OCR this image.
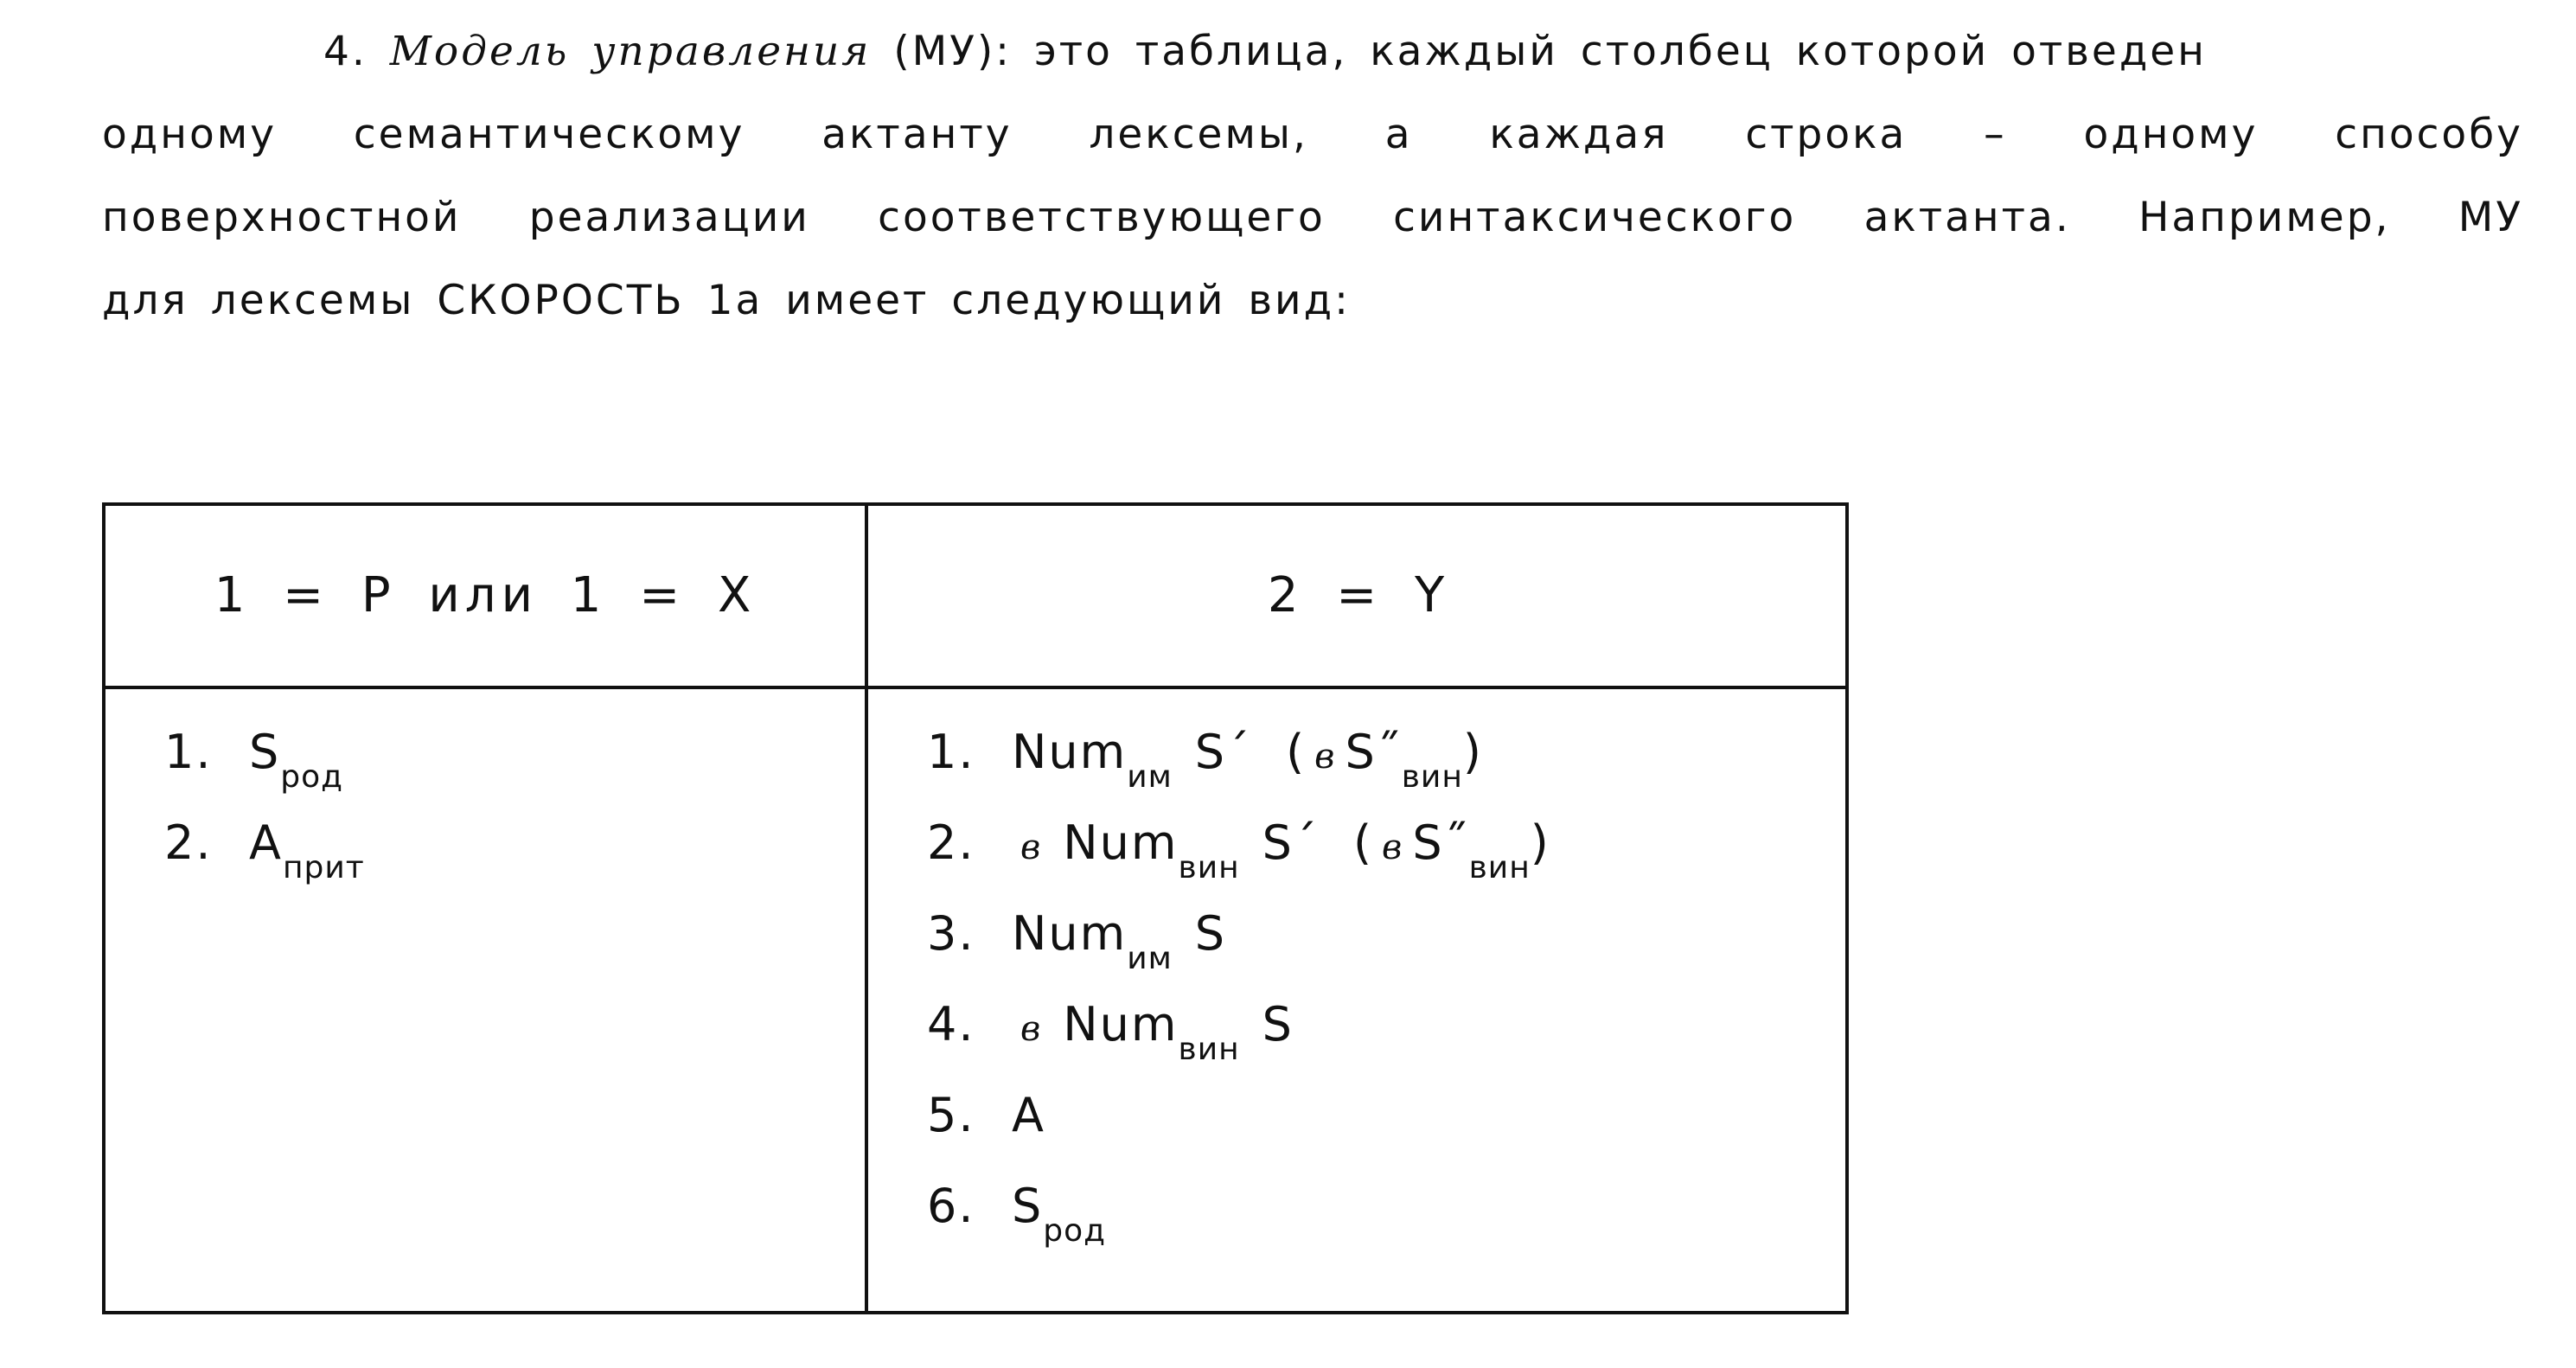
4. Модель управления (МУ): это таблица, каждый столбец которой отведен
одному семантическому актанту лексемы, а каждая строка – одному способу
поверхностной реализации соответствующего синтаксического актанта. Например, МУ
для лексемы СКОРОСТЬ 1а имеет следующий вид:
1 = P или 1 = X	2 = Y
1. $S_{род}$
2. $A_{прит}$
1. Num$_{им}$ S´ ( в $S˝_{вин}$)
2. в Num$_{вин}$ S´ ( в $S˝_{вин}$)
3. Num$_{им}$ S
4. в Num$_{вин}$ S
5. A
6. $S_{род}$
